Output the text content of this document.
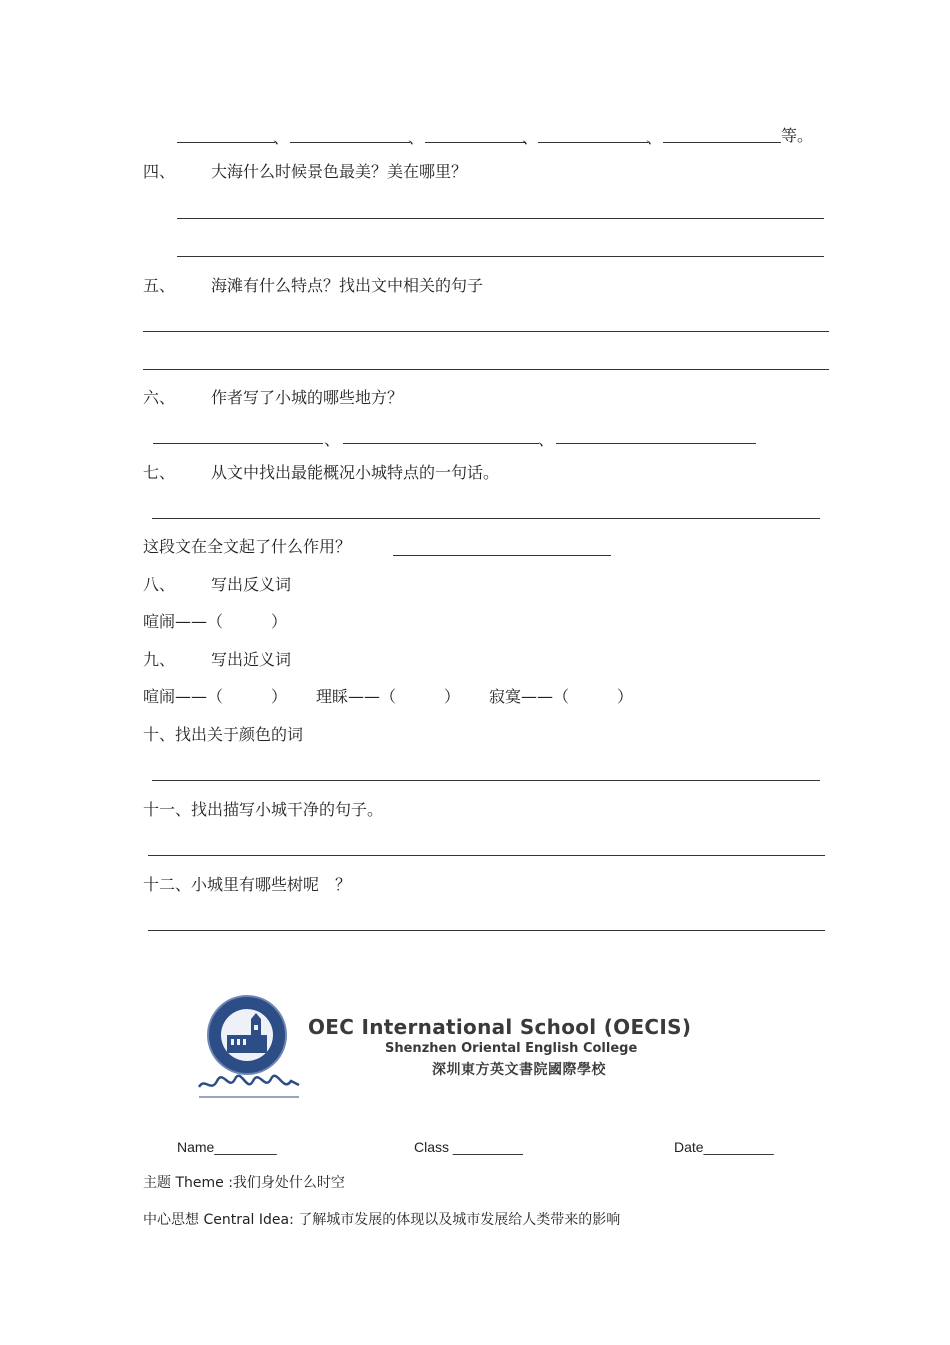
、	、	、	、	等。
四、 大海什么时候景色最美？美在哪里？
五、 海滩有什么特点？找出文中相关的句子
六、 作者写了小城的哪些地方？
、	、
七、 从文中找出最能概况小城特点的一句话。
这段文在全文起了什么作用？
八、 写出反义词
喧闹——（　　　）
九、 写出近义词
喧闹——（　　　） 理睬——（　　　） 寂寞——（　　　）
十、找出关于颜色的词
十一、找出描写小城干净的句子。
十二、小城里有哪些树呢　？
OEC International School (OECIS)
Shenzhen Oriental English College
深圳東方英文書院國際學校
Name________	Class _________	Date_________
主题 Theme :我们身处什么时空
中心思想 Central Idea: 了解城市发展的体现以及城市发展给人类带来的影响
